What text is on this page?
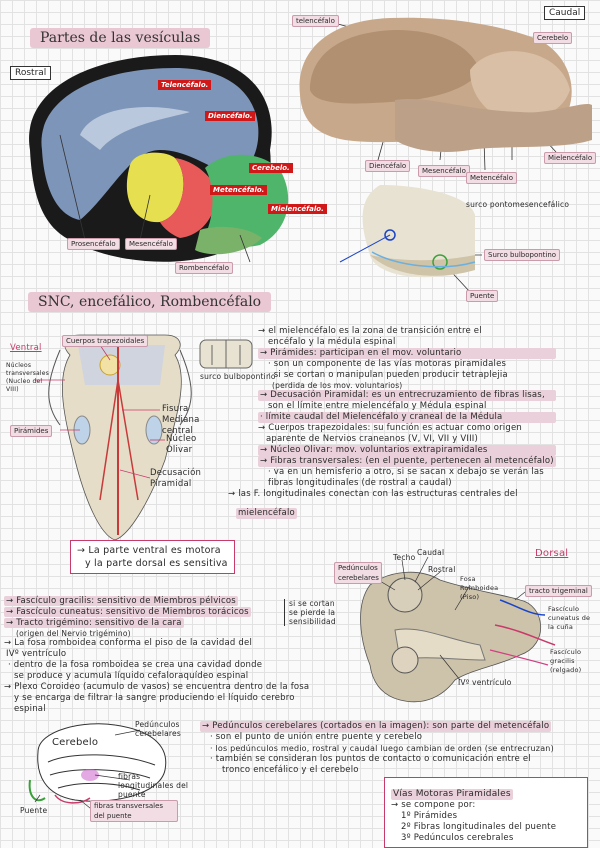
Partes de las vesículas
Rostral
Caudal
Telencéfalo.
Diencéfalo.
Cerebelo.
Metencéfalo.
Mielencéfalo.
Prosencéfalo	Mesencéfalo
Rombencéfalo
telencéfalo
Cerebelo
Diencéfalo
Mesencéfalo
Metencéfalo
Mielencéfalo
surco pontomesencefálico
Surco bulbopontino
Puente
SNC, encefálico, Rombencéfalo
Ventral
Cuerpos trapezoidales
Núcleos transversales (Nucleo del VIII)
Pirámides
surco bulbopontino
Fisura Mediana central
Núcleo Olivar
Decusación Piramidal
→ el mielencéfalo es la zona de transición entre el
encéfalo y la médula espinal
→ Pirámides: participan en el mov. voluntario
· son un componente de las vías motoras piramidales
· si se cortan o manipulan pueden producir tetraplejia
(perdida de los mov. voluntarios)
→ Decusación Piramidal: es un entrecruzamiento de fibras lisas,
son el límite entre mielencéfalo y Médula espinal
· límite caudal del Mielencéfalo y craneal de la Médula
→ Cuerpos trapezoidales: su función es actuar como origen
aparente de Nervios craneanos (V, VI, VII y VIII)
→ Núcleo Olivar: mov. voluntarios extrapiramidales
→ Fibras transversales: (en el puente, pertenecen al metencéfalo)
· va en un hemisferio a otro, si se sacan x debajo se verán las
fibras longitudinales (de rostral a caudal)
→ las F. longitudinales conectan con las estructuras centrales del
mielencéfalo
→ La parte ventral es motora
y la parte dorsal es sensitiva
Dorsal
Pedúnculos cerebelares
Techo
Caudal
Rostral
Fosa Romboidea (Piso)
tracto trigeminal
Fascículo cuneatus de la cuña
Fascículo gracilis (relgado)
IVº ventrículo
→ Fascículo gracilis: sensitivo de Miembros pélvicos
→ Fascículo cuneatus: sensitivo de Miembros torácicos
→ Tracto trigémino: sensitivo de la cara
(origen del Nervio trigémino)
→ La fosa romboidea conforma el piso de la cavidad del
IVº ventrículo
· dentro de la fosa romboidea se crea una cavidad donde
se produce y acumula líquido cefaloraquídeo espinal
→ Plexo Coroideo (acumulo de vasos) se encuentra dentro de la fosa
y se encarga de filtrar la sangre produciendo el líquido cerebro
espinal
si se cortan
se pierde la
sensibilidad
→ Pedúnculos cerebelares (cortados en la imagen): son parte del metencéfalo
· son el punto de unión entre puente y cerebelo
· los pedúnculos medio, rostral y caudal luego cambian de orden (se entrecruzan)
· también se consideran los puntos de contacto o comunicación entre el
tronco encefálico y el cerebelo
Cerebelo
Pedúnculos cerebelares
fibras longitudinales del puente
fibras transversales del puente
Puente
Vías Motoras Piramidales
→ se compone por:
1º Pirámides
2º Fibras longitudinales del puente
3º Pedúnculos cerebrales
